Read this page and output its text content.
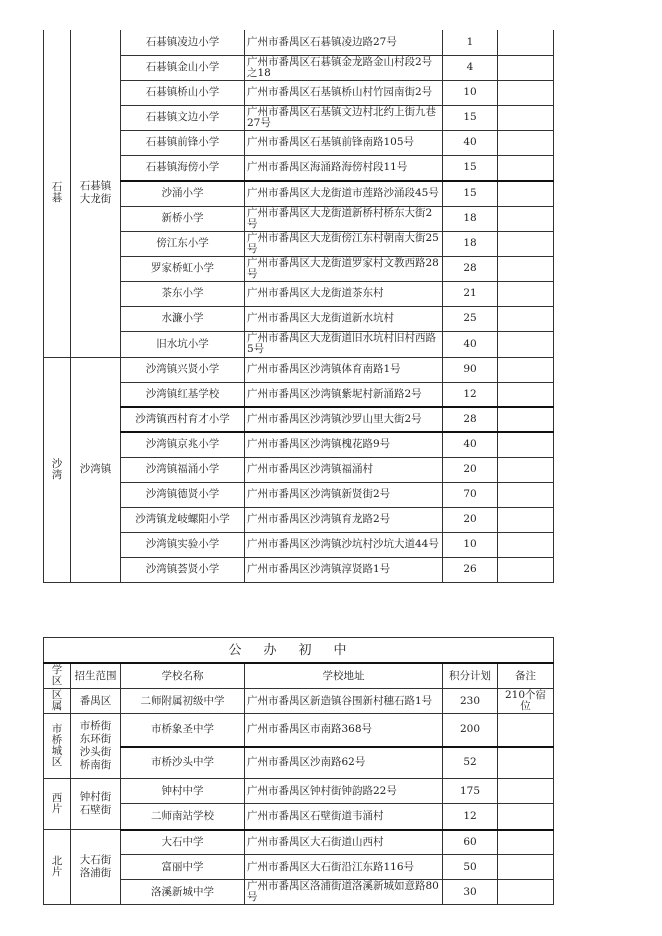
石碁	石碁镇大龙街	石碁镇凌边小学	广州市番禺区石碁镇凌边路27号	1	
		石碁镇金山小学	广州市番禺区石碁镇金龙路金山村段2号之18	4	
		石碁镇桥山小学	广州市番禺区石基镇桥山村竹园南街2号	10	
		石碁镇文边小学	广州市番禺区石基镇文边村北约上街九巷27号	15	
		石碁镇前锋小学	广州市番禺区石基镇前锋南路105号	40	
		石碁镇海傍小学	广州市番禺区海涌路海傍村段11号	15	
		沙涌小学	广州市番禺区大龙街道市莲路沙涌段45号	15	
		新桥小学	广州市番禺区大龙街道新桥村桥东大街2号	18	
		傍江东小学	广州市番禺区大龙街傍江东村朝南大街25号	18	
		罗家桥虹小学	广州市番禺区大龙街道罗家村文教西路28号	28	
		茶东小学	广州市番禺区大龙街道茶东村	21	
		水濂小学	广州市番禺区大龙街道新水坑村	25	
		旧水坑小学	广州市番禺区大龙街道旧水坑村旧村西路5号	40	
沙湾	沙湾镇	沙湾镇兴贤小学	广州市番禺区沙湾镇体育南路1号	90	
		沙湾镇红基学校	广州市番禺区沙湾镇紫坭村新涌路2号	12	
		沙湾镇西村育才小学	广州市番禺区沙湾镇沙罗山里大街2号	28	
		沙湾镇京兆小学	广州市番禺区沙湾镇槐花路9号	40	
		沙湾镇福涌小学	广州市番禺区沙湾镇福涌村	20	
		沙湾镇德贤小学	广州市番禺区沙湾镇新贤街2号	70	
		沙湾镇龙岐螺阳小学	广州市番禺区沙湾镇育龙路2号	20	
		沙湾镇实验小学	广州市番禺区沙湾镇沙坑村沙坑大道44号	10	
		沙湾镇荟贤小学	广州市番禺区沙湾镇淳贤路1号	26	
公办初中					
学区	招生范围	学校名称	学校地址	积分计划	备注
区属	番禺区	二师附属初级中学	广州市番禺区新造镇谷围新村穗石路1号	230	210个宿位
市桥城区	市桥街东环街沙头街桥南街	市桥象圣中学	广州市番禺区市南路368号	200	
		市桥沙头中学	广州市番禺区沙南路62号	52	
西片	钟村街石壁街	钟村中学	广州市番禺区钟村街钟韵路22号	175	
		二师南站学校	广州市番禺区石壁街道韦涌村	12	
北片	大石街洛浦街	大石中学	广州市番禺区大石街道山西村	60	
		富丽中学	广州市番禺区大石街沿江东路116号	50	
		洛溪新城中学	广州市番禺区洛浦街道洛溪新城如意路80号	30	
